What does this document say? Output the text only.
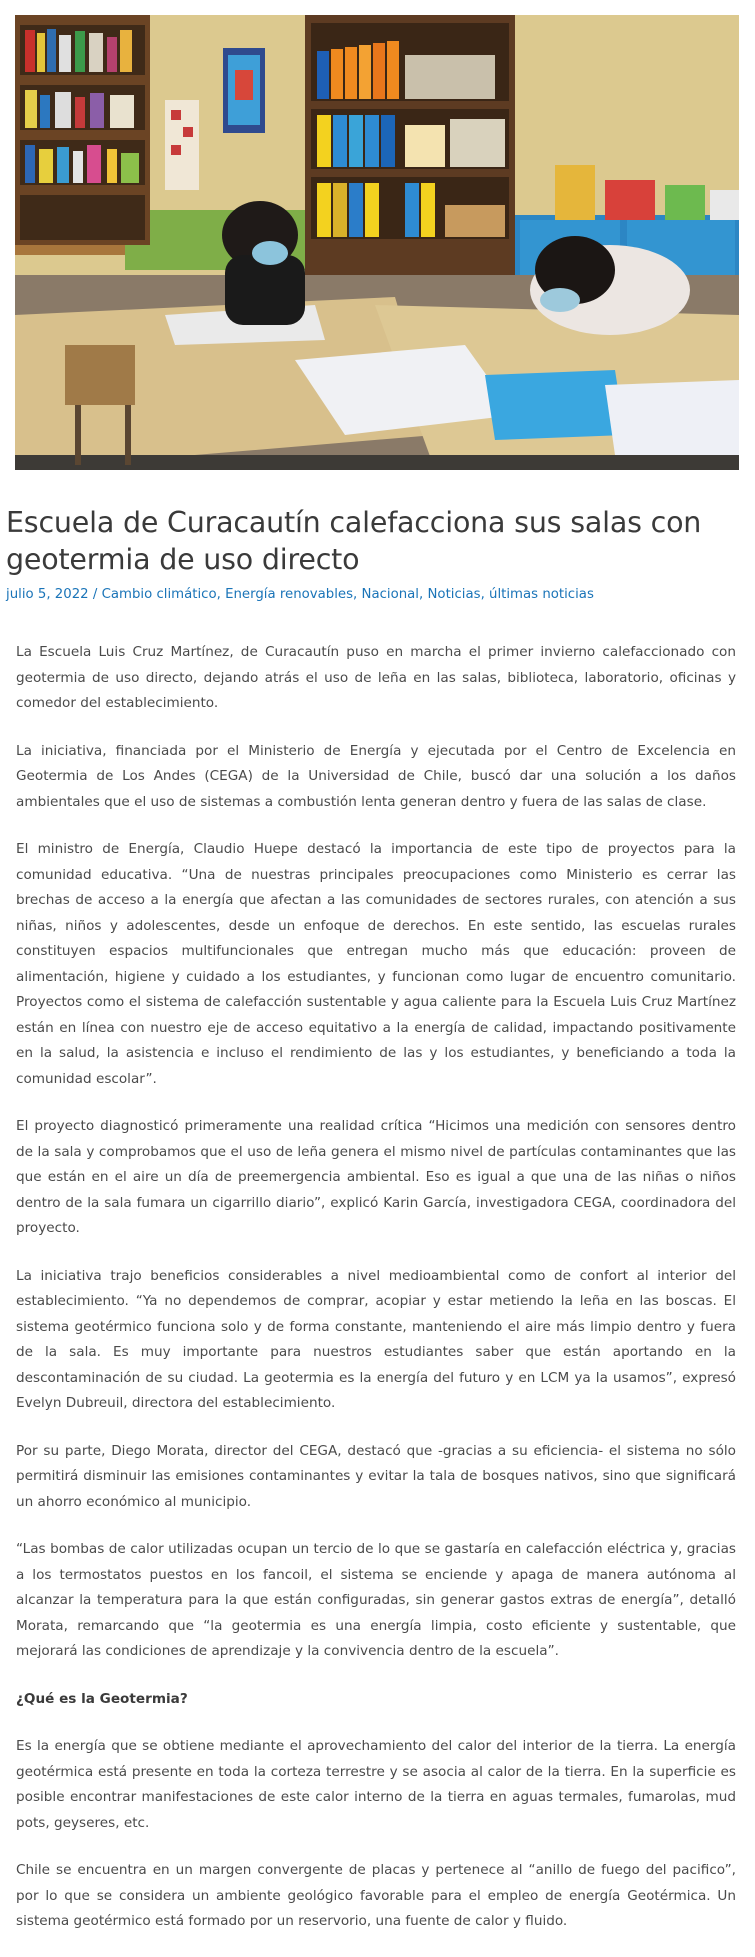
Escuela de Curacautín calefacciona sus salas con geotermia de uso directo
julio 5, 2022 / Cambio climático, Energía renovables, Nacional, Noticias, últimas noticias

La Escuela Luis Cruz Martínez, de Curacautín puso en marcha el primer invierno calefaccionado con geotermia de uso directo, dejando atrás el uso de leña en las salas, biblioteca, laboratorio, oficinas y comedor del establecimiento.

La iniciativa, financiada por el Ministerio de Energía y ejecutada por el Centro de Excelencia en Geotermia de Los Andes (CEGA) de la Universidad de Chile, buscó dar una solución a los daños ambientales que el uso de sistemas a combustión lenta generan dentro y fuera de las salas de clase.

El ministro de Energía, Claudio Huepe destacó la importancia de este tipo de proyectos para la comunidad educativa. “Una de nuestras principales preocupaciones como Ministerio es cerrar las brechas de acceso a la energía que afectan a las comunidades de sectores rurales, con atención a sus niñas, niños y adolescentes, desde un enfoque de derechos. En este sentido, las escuelas rurales constituyen espacios multifuncionales que entregan mucho más que educación: proveen de alimentación, higiene y cuidado a los estudiantes, y funcionan como lugar de encuentro comunitario. Proyectos como el sistema de calefacción sustentable y agua caliente para la Escuela Luis Cruz Martínez están en línea con nuestro eje de acceso equitativo a la energía de calidad, impactando positivamente en la salud, la asistencia e incluso el rendimiento de las y los estudiantes, y beneficiando a toda la comunidad escolar”.

El proyecto diagnosticó primeramente una realidad crítica “Hicimos una medición con sensores dentro de la sala y comprobamos que el uso de leña genera el mismo nivel de partículas contaminantes que las que están en el aire un día de preemergencia ambiental. Eso es igual a que una de las niñas o niños dentro de la sala fumara un cigarrillo diario”, explicó Karin García, investigadora CEGA, coordinadora del proyecto.

La iniciativa trajo beneficios considerables a nivel medioambiental como de confort al interior del establecimiento. “Ya no dependemos de comprar, acopiar y estar metiendo la leña en las boscas. El sistema geotérmico funciona solo y de forma constante, manteniendo el aire más limpio dentro y fuera de la sala. Es muy importante para nuestros estudiantes saber que están aportando en la descontaminación de su ciudad. La geotermia es la energía del futuro y en LCM ya la usamos”, expresó Evelyn Dubreuil, directora del establecimiento.

Por su parte, Diego Morata, director del CEGA, destacó que -gracias a su eficiencia- el sistema no sólo permitirá disminuir las emisiones contaminantes y evitar la tala de bosques nativos, sino que significará un ahorro económico al municipio.

“Las bombas de calor utilizadas ocupan un tercio de lo que se gastaría en calefacción eléctrica y, gracias a los termostatos puestos en los fancoil, el sistema se enciende y apaga de manera autónoma al alcanzar la temperatura para la que están configuradas, sin generar gastos extras de energía”, detalló Morata, remarcando que “la geotermia es una energía limpia, costo eficiente y sustentable, que mejorará las condiciones de aprendizaje y la convivencia dentro de la escuela”.

¿Qué es la Geotermia?

Es la energía que se obtiene mediante el aprovechamiento del calor del interior de la tierra. La energía geotérmica está presente en toda la corteza terrestre y se asocia al calor de la tierra. En la superficie es posible encontrar manifestaciones de este calor interno de la tierra en aguas termales, fumarolas, mud pots, geyseres, etc.

Chile se encuentra en un margen convergente de placas y pertenece al “anillo de fuego del pacifico”, por lo que se considera un ambiente geológico favorable para el empleo de energía Geotérmica. Un sistema geotérmico está formado por un reservorio, una fuente de calor y fluido.
